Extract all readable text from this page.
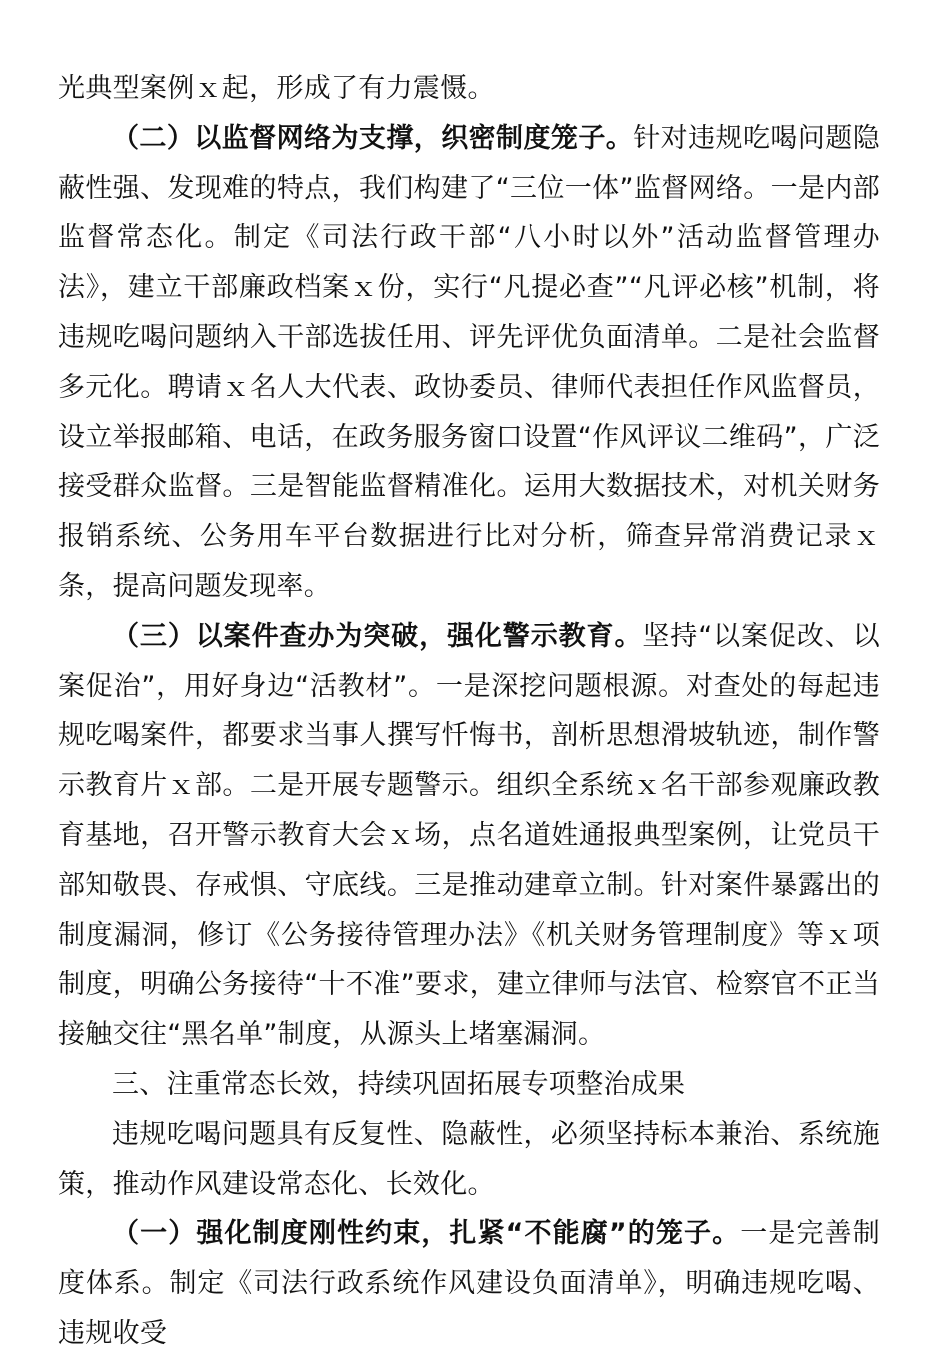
光典型案例ｘ起，形成了有力震慑。

（二）以监督网络为支撑，织密制度笼子。针对违规吃喝问题隐蔽性强、发现难的特点，我们构建了“三位一体”监督网络。一是内部监督常态化。制定《司法行政干部“八小时以外”活动监督管理办法》，建立干部廉政档案ｘ份，实行“凡提必查”“凡评必核”机制，将违规吃喝问题纳入干部选拔任用、评先评优负面清单。二是社会监督多元化。聘请ｘ名人大代表、政协委员、律师代表担任作风监督员，设立举报邮箱、电话，在政务服务窗口设置“作风评议二维码”，广泛接受群众监督。三是智能监督精准化。运用大数据技术，对机关财务报销系统、公务用车平台数据进行比对分析，筛查异常消费记录ｘ条，提高问题发现率。

（三）以案件查办为突破，强化警示教育。坚持“以案促改、以案促治”，用好身边“活教材”。一是深挖问题根源。对查处的每起违规吃喝案件，都要求当事人撰写忏悔书，剖析思想滑坡轨迹，制作警示教育片ｘ部。二是开展专题警示。组织全系统ｘ名干部参观廉政教育基地，召开警示教育大会ｘ场，点名道姓通报典型案例，让党员干部知敬畏、存戒惧、守底线。三是推动建章立制。针对案件暴露出的制度漏洞，修订《公务接待管理办法》《机关财务管理制度》等ｘ项制度，明确公务接待“十不准”要求，建立律师与法官、检察官不正当接触交往“黑名单”制度，从源头上堵塞漏洞。

三、注重常态长效，持续巩固拓展专项整治成果

违规吃喝问题具有反复性、隐蔽性，必须坚持标本兼治、系统施策，推动作风建设常态化、长效化。

（一）强化制度刚性约束，扎紧“不能腐”的笼子。一是完善制度体系。制定《司法行政系统作风建设负面清单》，明确违规吃喝、违规收受
